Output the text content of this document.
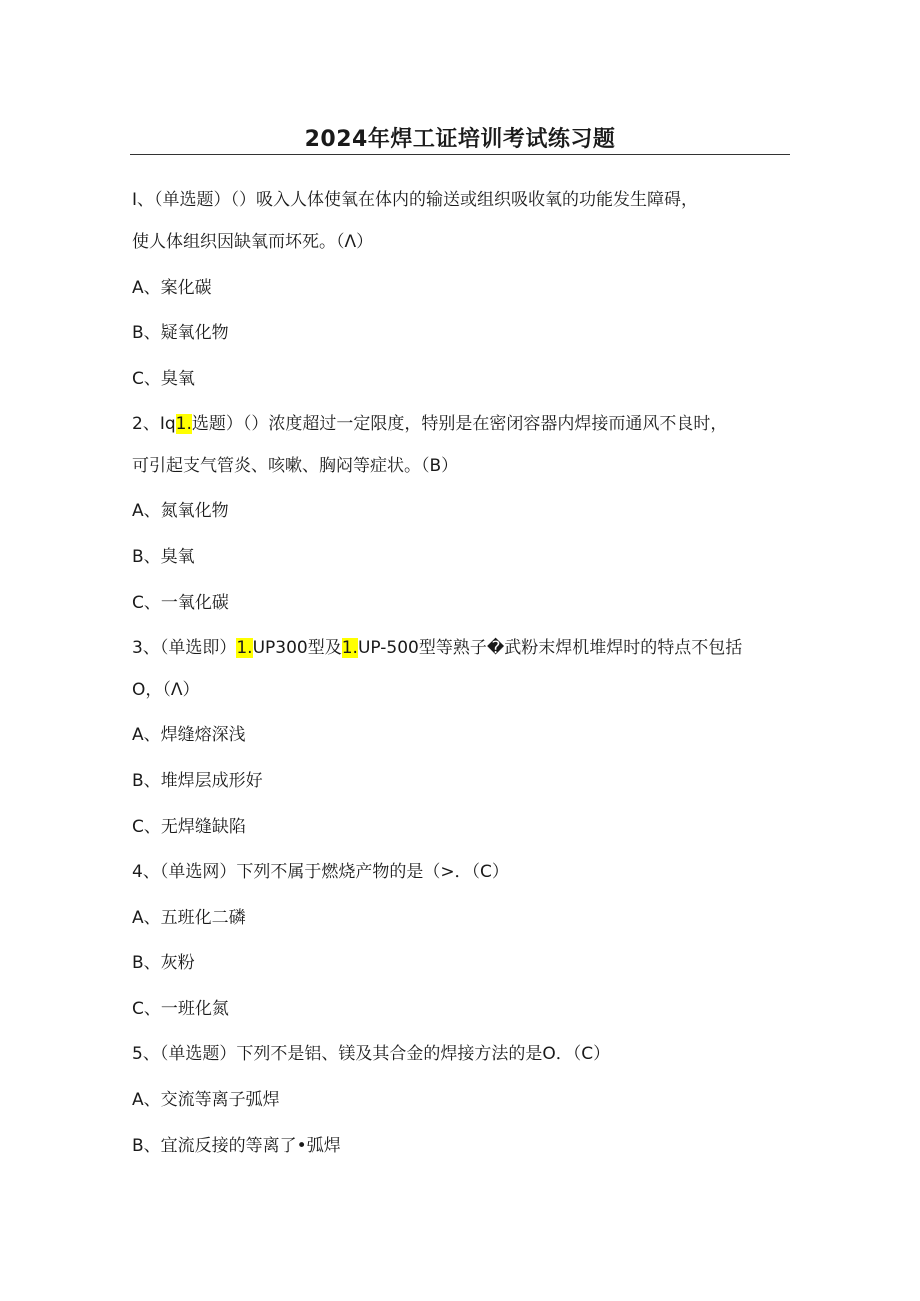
2024年焊工证培训考试练习题
I、（单选题）（）吸入人体使氧在体内的输送或组织吸收氧的功能发生障碍，
使人体组织因缺氧而坏死。（Λ）
A、案化碳
B、疑氧化物
C、臭氧
2、Iq1.选题）（）浓度超过一定限度，特别是在密闭容器内焊接而通风不良时，
可引起支气管炎、咳嗽、胸闷等症状。（B）
A、氮氧化物
B、臭氧
C、一氧化碳
3、（单选即）1.UP300型及1.UP-500型等熟子�武粉末焊机堆焊时的特点不包括
O，（Λ）
A、焊缝熔深浅
B、堆焊层成形好
C、无焊缝缺陷
4、（单选网）下列不属于燃烧产物的是（>．（C）
A、五班化二磷
B、灰粉
C、一班化氮
5、（单选题）下列不是铝、镁及其合金的焊接方法的是O．（C）
A、交流等离子弧焊
B、宜流反接的等离了•弧焊
